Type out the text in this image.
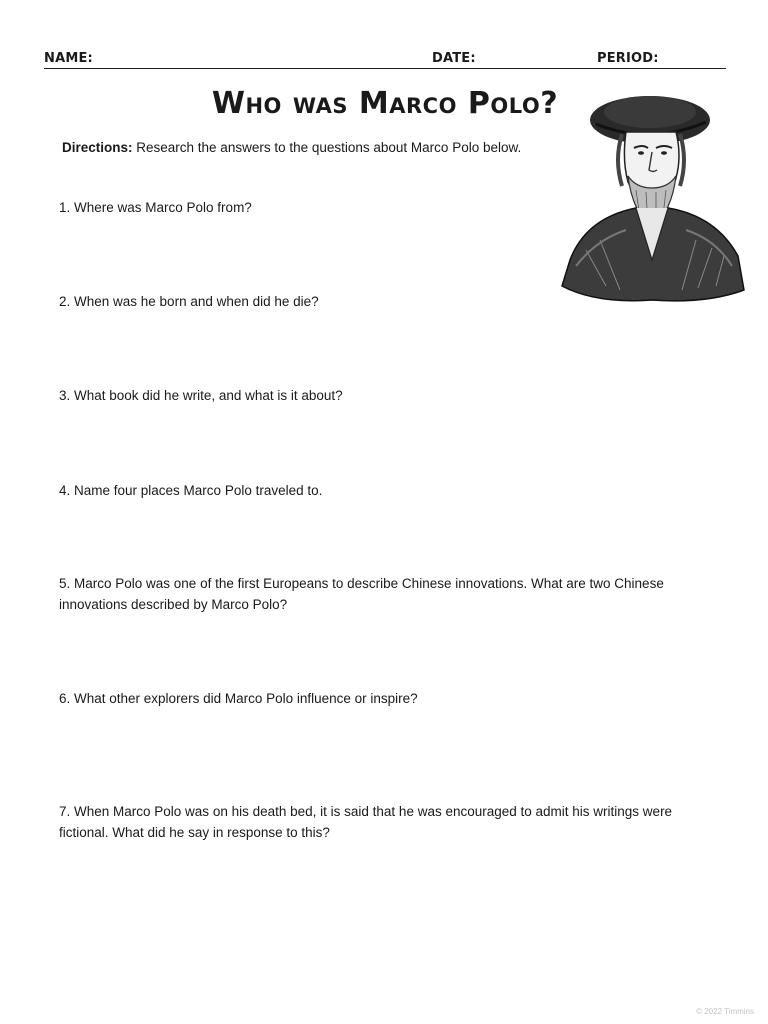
NAME:	DATE:	PERIOD:
Who was Marco Polo?
Directions: Research the answers to the questions about Marco Polo below.
1. Where was Marco Polo from?
2. When was he born and when did he die?
3. What book did he write, and what is it about?
4. Name four places Marco Polo traveled to.
5. Marco Polo was one of the first Europeans to describe Chinese innovations. What are two Chinese innovations described by Marco Polo?
6. What other explorers did Marco Polo influence or inspire?
7. When Marco Polo was on his death bed, it is said that he was encouraged to admit his writings were fictional. What did he say in response to this?
© 2022 Timmins
